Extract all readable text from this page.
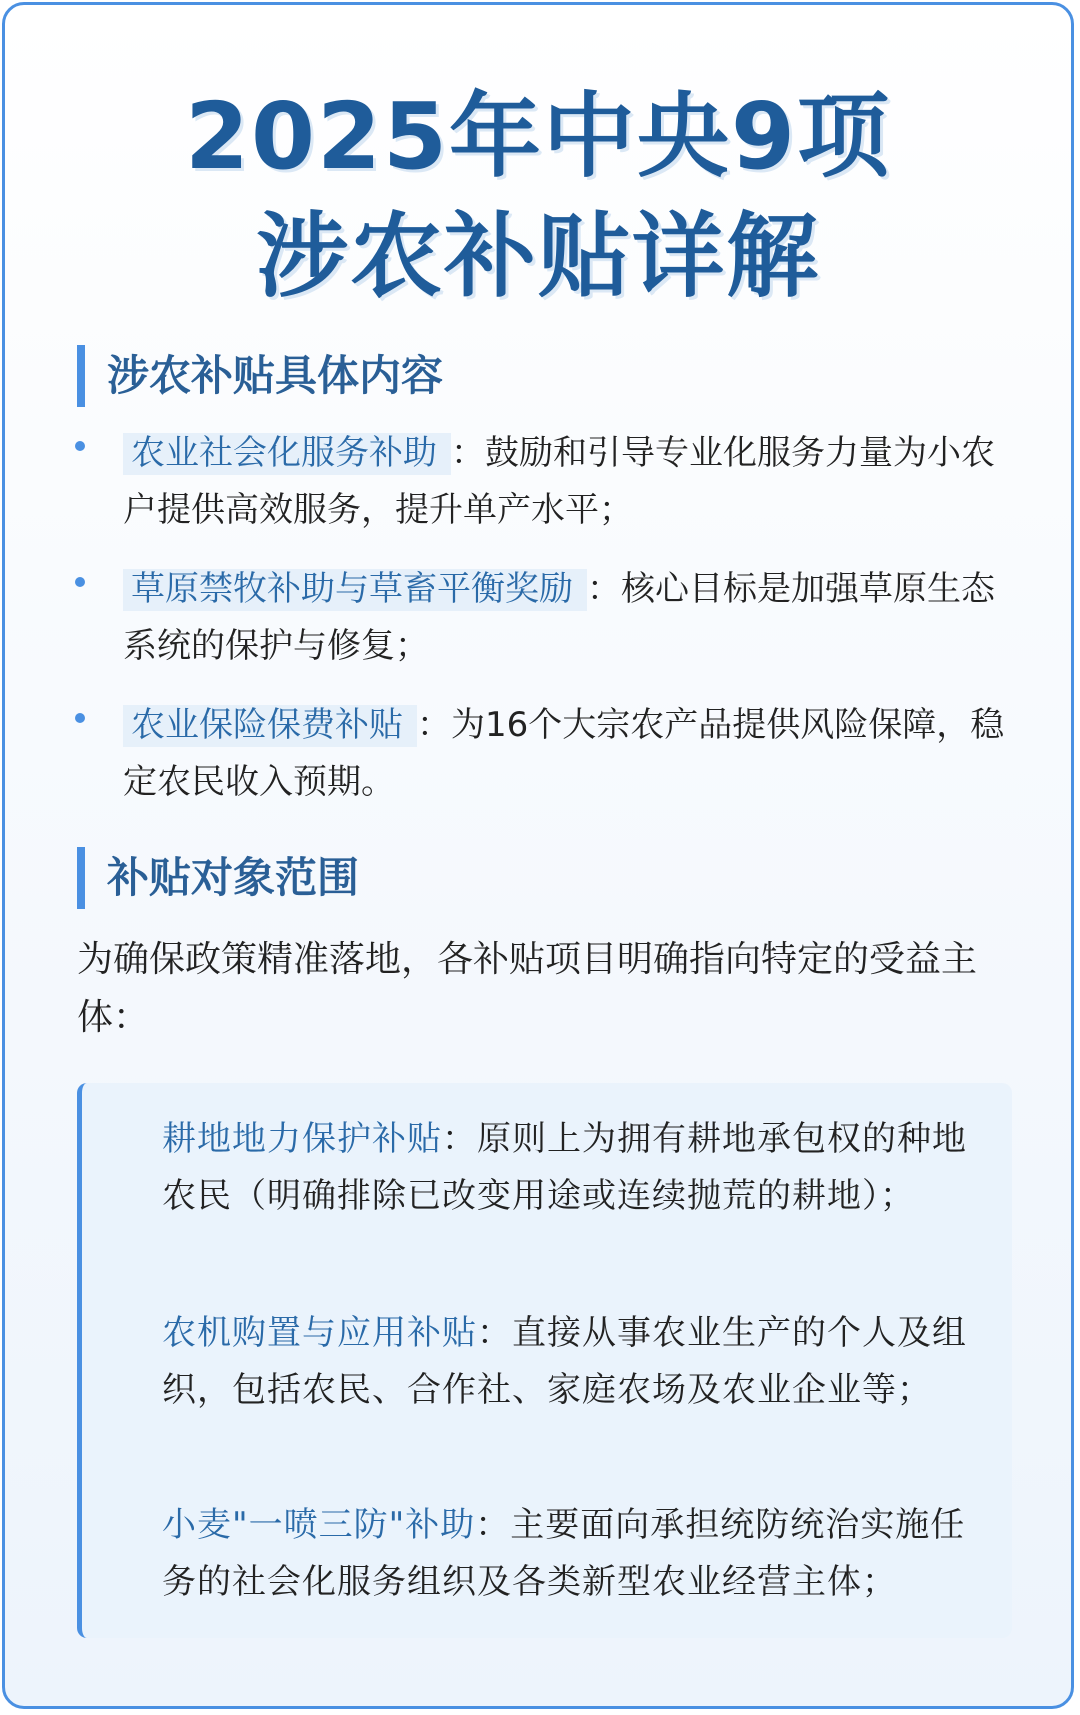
2025年中央9项
涉农补贴详解
涉农补贴具体内容
农业社会化服务补助 ：鼓励和引导专业化服务力量为小农户提供高效服务，提升单产水平；
草原禁牧补助与草畜平衡奖励 ：核心目标是加强草原生态系统的保护与修复；
农业保险保费补贴 ：为16个大宗农产品提供风险保障，稳定农民收入预期。
补贴对象范围
为确保政策精准落地，各补贴项目明确指向特定的受益主体：
耕地地力保护补贴：原则上为拥有耕地承包权的种地农民（明确排除已改变用途或连续抛荒的耕地）；
农机购置与应用补贴：直接从事农业生产的个人及组织，包括农民、合作社、家庭农场及农业企业等；
小麦"一喷三防"补助：主要面向承担统防统治实施任务的社会化服务组织及各类新型农业经营主体；
